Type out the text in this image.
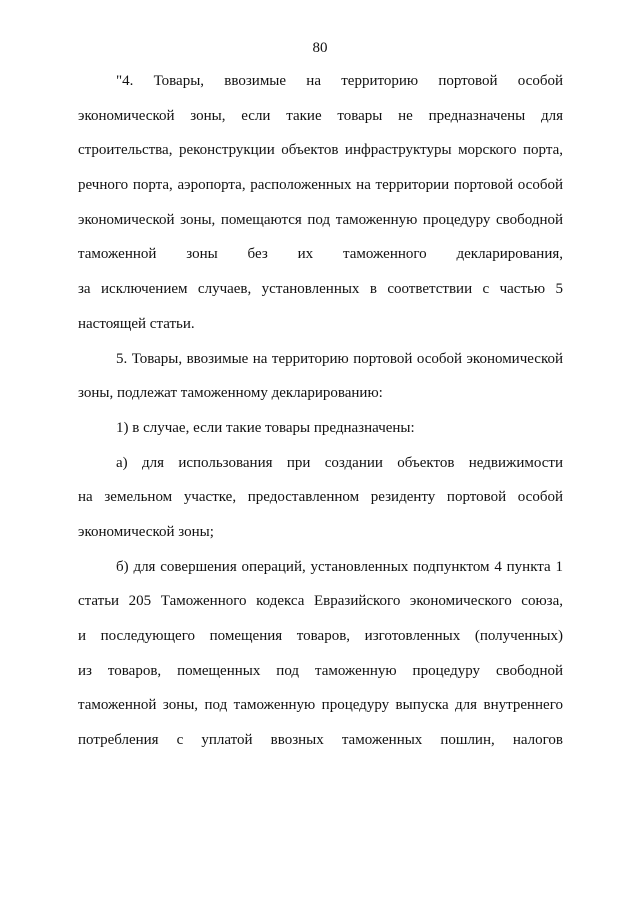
80
"4. Товары, ввозимые на территорию портовой особой
экономической зоны, если такие товары не предназначены для
строительства, реконструкции объектов инфраструктуры морского порта,
речного порта, аэропорта, расположенных на территории портовой особой
экономической зоны, помещаются под таможенную процедуру свободной
таможенной зоны без их таможенного декларирования,
за исключением случаев, установленных в соответствии с частью 5
настоящей статьи.
5. Товары, ввозимые на территорию портовой особой экономической
зоны, подлежат таможенному декларированию:
1) в случае, если такие товары предназначены:
а) для использования при создании объектов недвижимости
на земельном участке, предоставленном резиденту портовой особой
экономической зоны;
б) для совершения операций, установленных подпунктом 4 пункта 1
статьи 205 Таможенного кодекса Евразийского экономического союза,
и последующего помещения товаров, изготовленных (полученных)
из товаров, помещенных под таможенную процедуру свободной
таможенной зоны, под таможенную процедуру выпуска для внутреннего
потребления с уплатой ввозных таможенных пошлин, налогов
